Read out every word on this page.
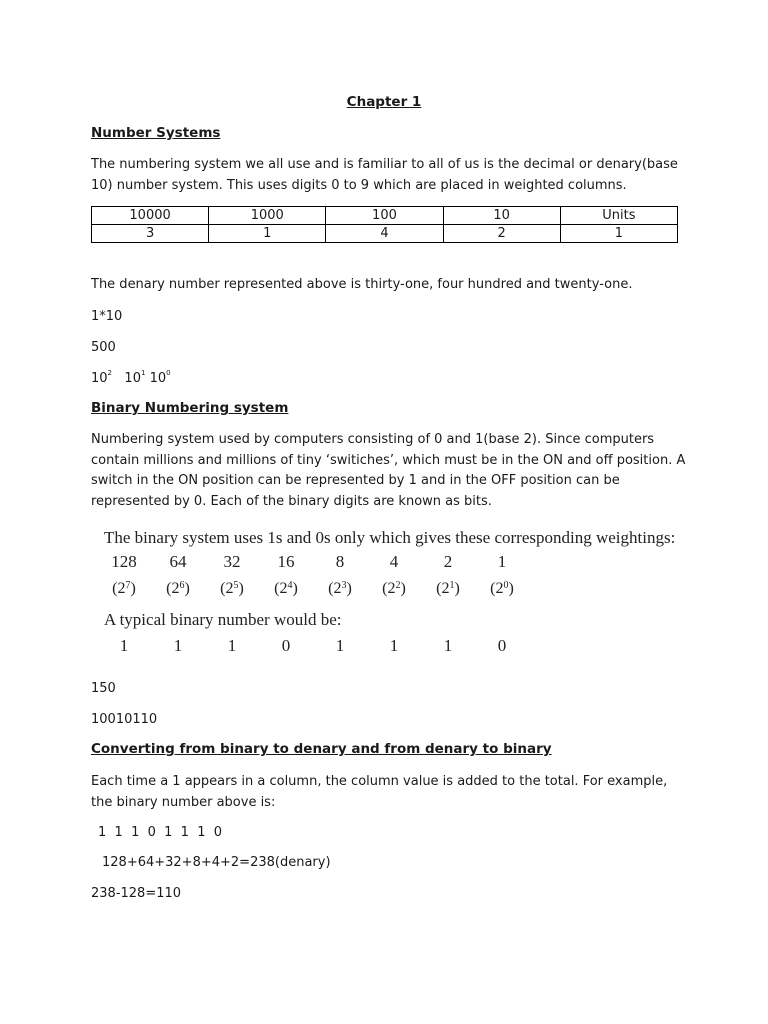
Chapter 1
Number Systems
The numbering system we all use and is familiar to all of us is the decimal or denary(base 10) number system. This uses digits 0 to 9 which are placed in weighted columns.
10000	1000	100	10	Units
3	1	4	2	1
The denary number represented above is thirty-one, four hundred and twenty-one.
1*10
500
$10^2$ $10^1$ $10^0$
Binary Numbering system
Numbering system used by computers consisting of 0 and 1(base 2). Since computers contain millions and millions of tiny ‘switiches’, which must be in the ON and off position. A switch in the ON position can be represented by 1 and in the OFF position can be represented by 0. Each of the binary digits are known as bits.
The binary system uses 1s and 0s only which gives these corresponding weightings:
128	64	32	16	8	4	2	1
$(2^7)$	$(2^6)$	$(2^5)$	$(2^4)$	$(2^3)$	$(2^2)$	$(2^1)$	$(2^0)$
A typical binary number would be:
1	1	1	0	1	1	1	0
150
10010110
Converting from binary to denary and from denary to binary
Each time a 1 appears in a column, the column value is added to the total. For example, the binary number above is:
1  1  1  0  1  1  1  0
128+64+32+8+4+2=238(denary)
238-128=110
